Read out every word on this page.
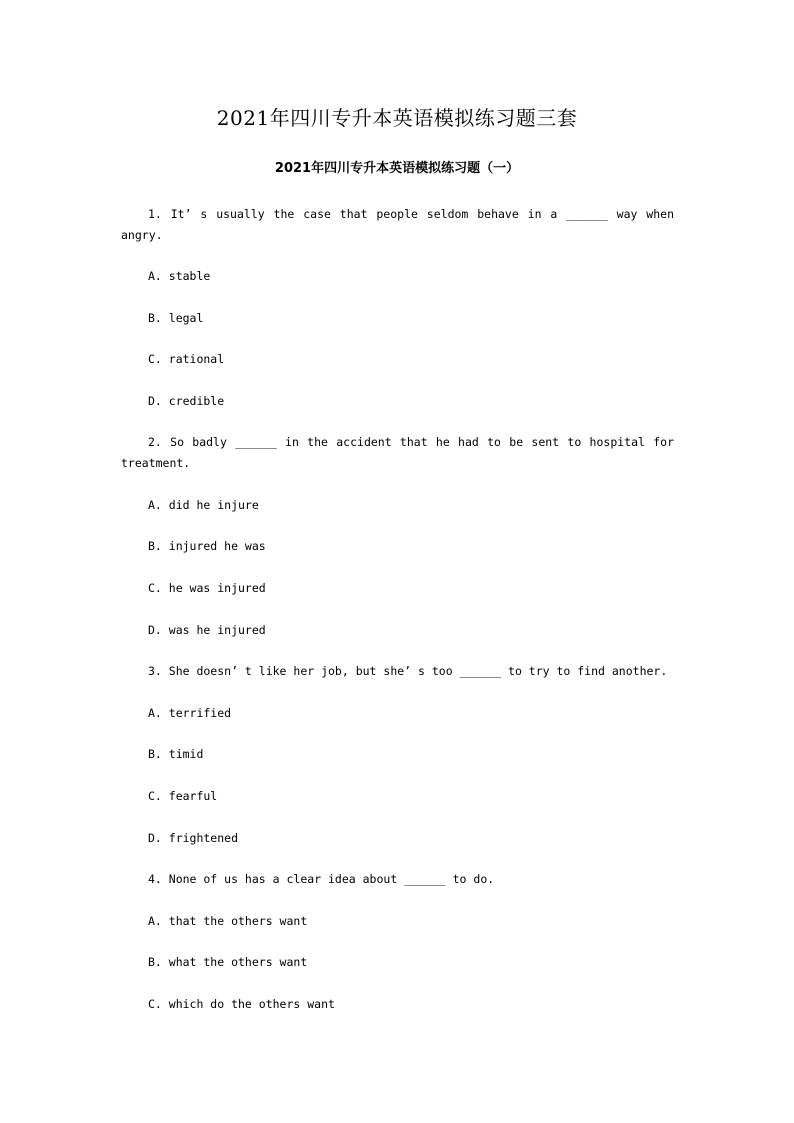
2021年四川专升本英语模拟练习题三套
2021年四川专升本英语模拟练习题（一）
1. It’ s usually the case that people seldom behave in a ______ way when
angry.
A. stable
B. legal
C. rational
D. credible
2. So badly ______ in the accident that he had to be sent to hospital for
treatment.
A. did he injure
B. injured he was
C. he was injured
D. was he injured
3. She doesn’ t like her job, but she’ s too ______ to try to find another.
A. terrified
B. timid
C. fearful
D. frightened
4. None of us has a clear idea about ______ to do.
A. that the others want
B. what the others want
C. which do the others want
